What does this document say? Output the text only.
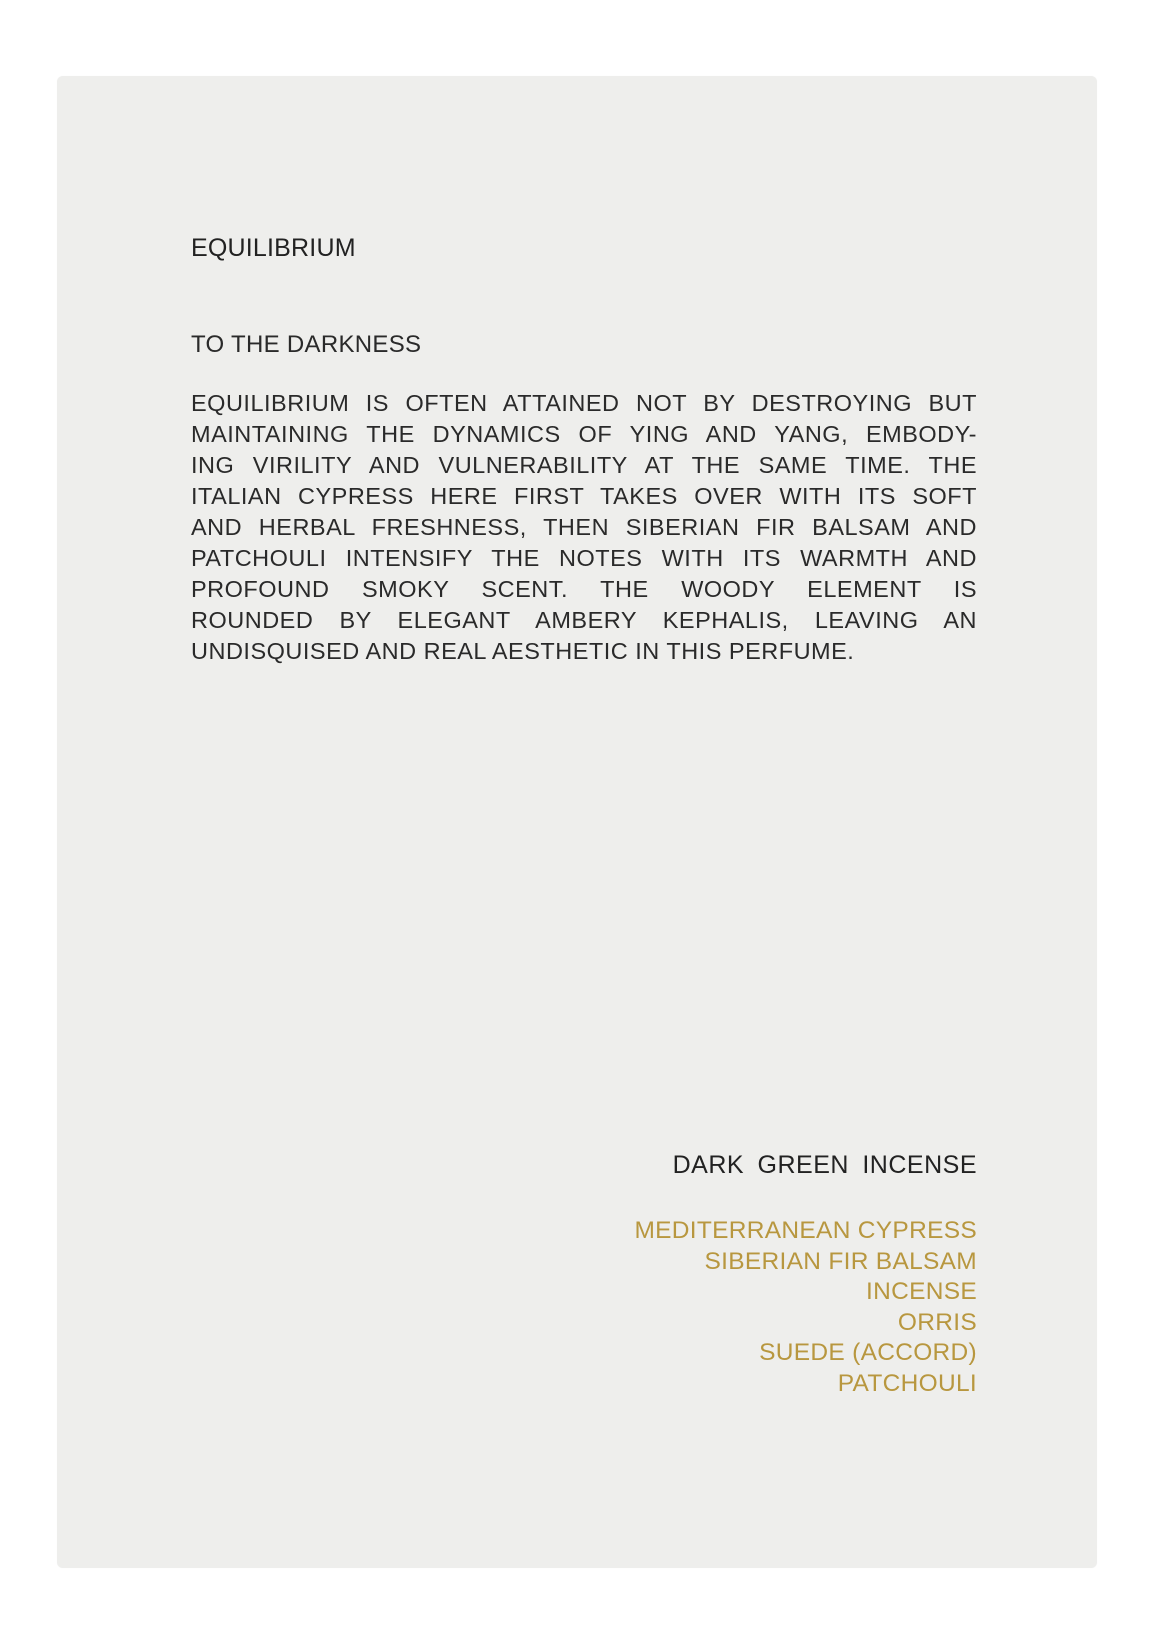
EQUILIBRIUM

TO THE DARKNESS

EQUILIBRIUM IS OFTEN ATTAINED NOT BY DESTROYING BUT
MAINTAINING THE DYNAMICS OF YING AND YANG, EMBODY-
ING VIRILITY AND VULNERABILITY AT THE SAME TIME. THE
ITALIAN CYPRESS HERE FIRST TAKES OVER WITH ITS SOFT
AND HERBAL FRESHNESS, THEN SIBERIAN FIR BALSAM AND
PATCHOULI INTENSIFY THE NOTES WITH ITS WARMTH AND
PROFOUND SMOKY SCENT. THE WOODY ELEMENT IS
ROUNDED BY ELEGANT AMBERY KEPHALIS, LEAVING AN
UNDISQUISED AND REAL AESTHETIC IN THIS PERFUME.

DARK GREEN INCENSE
MEDITERRANEAN CYPRESS
SIBERIAN FIR BALSAM
INCENSE
ORRIS
SUEDE (ACCORD)
PATCHOULI
